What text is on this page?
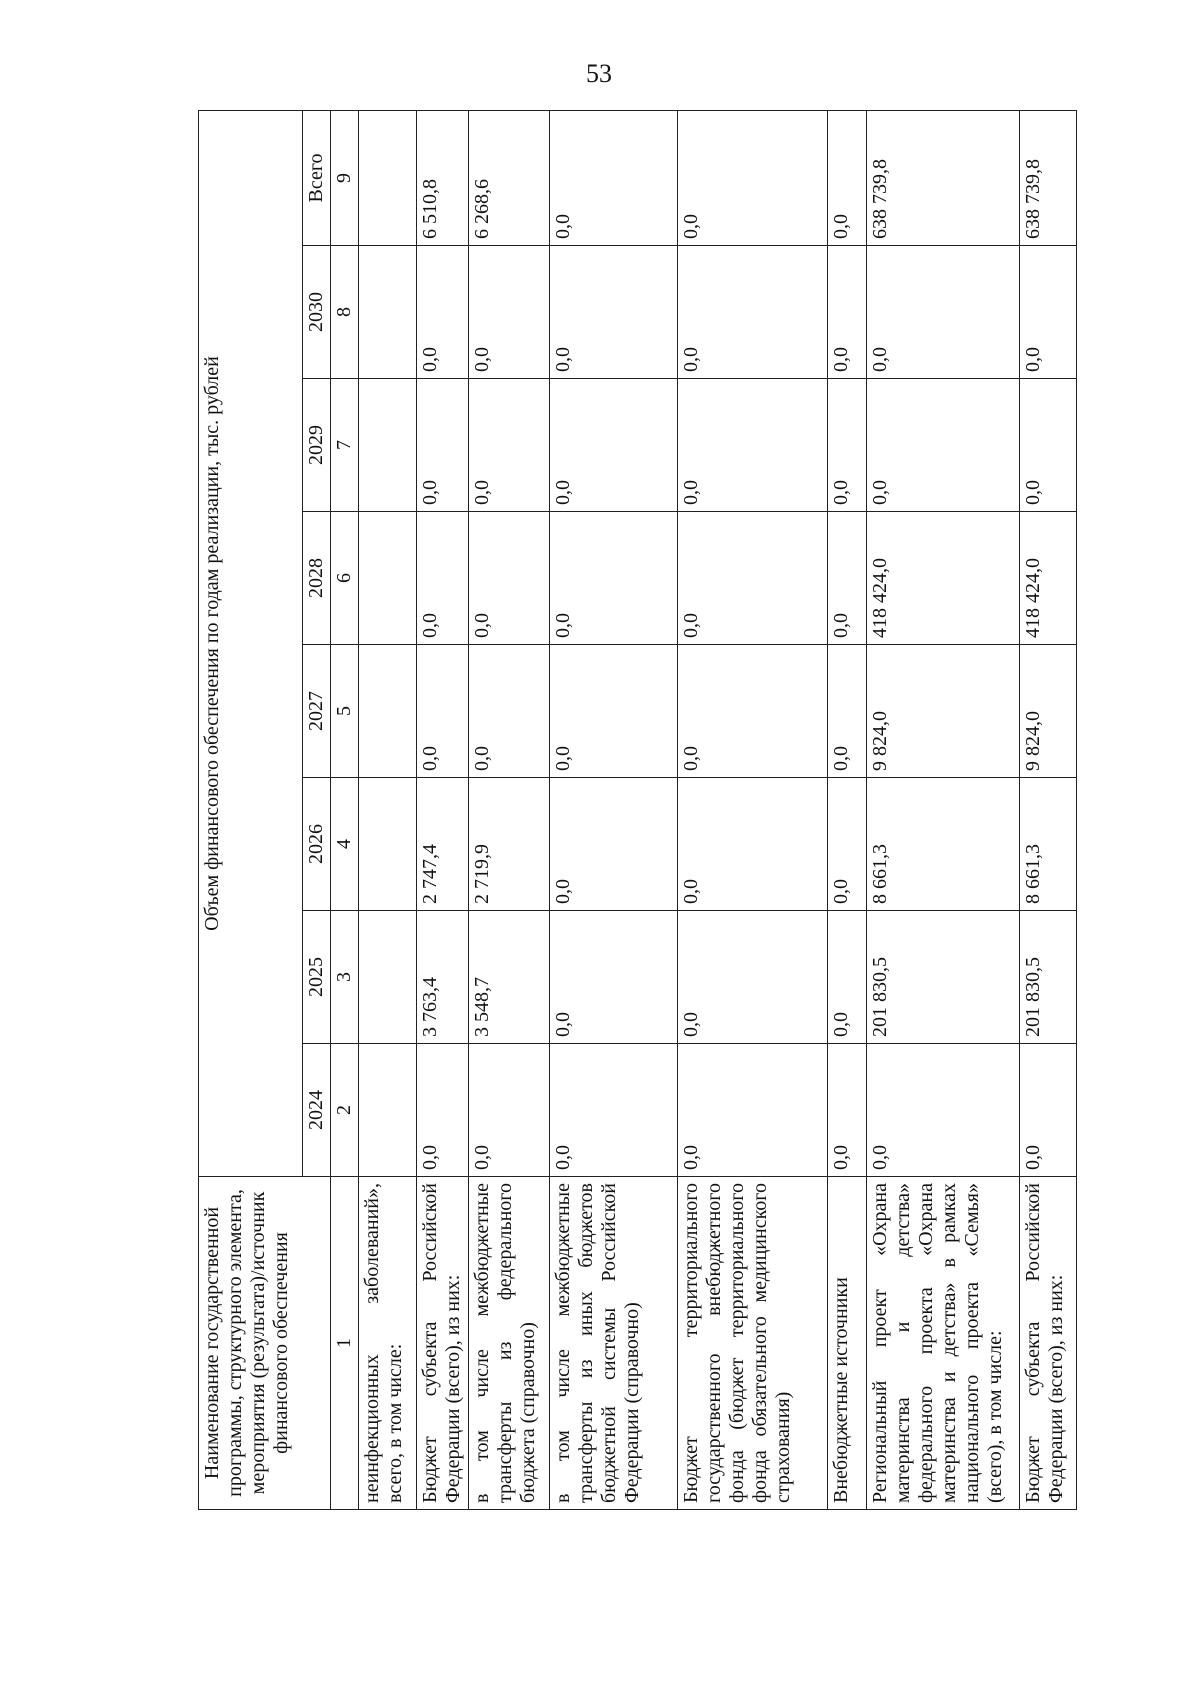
53
Наименование государственной программы, структурного элемента, мероприятия (результата)/источник финансового обеспечения	Объем финансового обеспечения по годам реализации, тыс. рублей							
	2024	2025	2026	2027	2028	2029	2030	Всего
1	2	3	4	5	6	7	8	9
неинфекционных заболеваний», всего, в том числе:								
Бюджет субъекта Российской Федерации (всего), из них:	0,0	3 763,4	2 747,4	0,0	0,0	0,0	0,0	6 510,8
в том числе межбюджетные трансферты из федерального бюджета (справочно)	0,0	3 548,7	2 719,9	0,0	0,0	0,0	0,0	6 268,6
в том числе межбюджетные трансферты из иных бюджетов бюджетной системы Российской Федерации (справочно)	0,0	0,0	0,0	0,0	0,0	0,0	0,0	0,0
Бюджет территориального государственного внебюджетного фонда (бюджет территориального фонда обязательного медицинского страхования)	0,0	0,0	0,0	0,0	0,0	0,0	0,0	0,0
Внебюджетные источники	0,0	0,0	0,0	0,0	0,0	0,0	0,0	0,0
Региональный проект «Охрана материнства и детства» федерального проекта «Охрана материнства и детства» в рамках национального проекта «Семья» (всего), в том числе:	0,0	201 830,5	8 661,3	9 824,0	418 424,0	0,0	0,0	638 739,8
Бюджет субъекта Российской Федерации (всего), из них:	0,0	201 830,5	8 661,3	9 824,0	418 424,0	0,0	0,0	638 739,8
